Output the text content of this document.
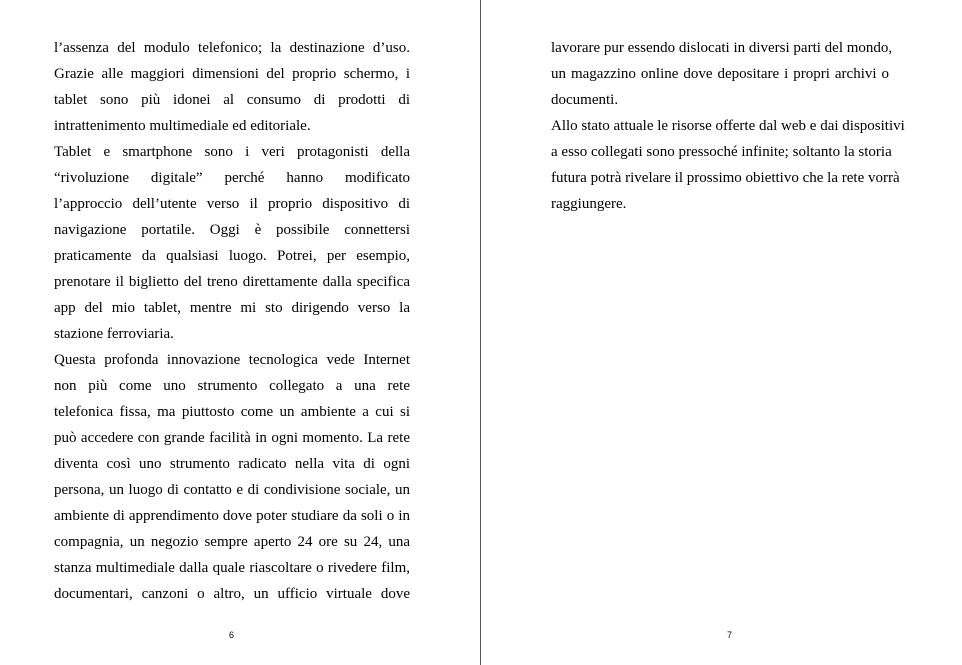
l’assenza del modulo telefonico; la destinazione d’uso.
Grazie alle maggiori dimensioni del proprio schermo, i
tablet sono più idonei al consumo di prodotti di
intrattenimento multimediale ed editoriale.
Tablet e smartphone sono i veri protagonisti della
“rivoluzione digitale” perché hanno modificato
l’approccio dell’utente verso il proprio dispositivo di
navigazione portatile. Oggi è possibile connettersi
praticamente da qualsiasi luogo. Potrei, per esempio,
prenotare il biglietto del treno direttamente dalla specifica
app del mio tablet, mentre mi sto dirigendo verso la
stazione ferroviaria.
Questa profonda innovazione tecnologica vede Internet
non più come uno strumento collegato a una rete
telefonica fissa, ma piuttosto come un ambiente a cui si
può accedere con grande facilità in ogni momento. La rete
diventa così uno strumento radicato nella vita di ogni
persona, un luogo di contatto e di condivisione sociale, un
ambiente di apprendimento dove poter studiare da soli o in
compagnia, un negozio sempre aperto 24 ore su 24, una
stanza multimediale dalla quale riascoltare o rivedere film,
documentari, canzoni o altro, un ufficio virtuale dove
6
lavorare pur essendo dislocati in diversi parti del mondo,
un magazzino online dove depositare i propri archivi o
documenti.
Allo stato attuale le risorse offerte dal web e dai dispositivi
a esso collegati sono pressoché infinite; soltanto la storia
futura potrà rivelare il prossimo obiettivo che la rete vorrà
raggiungere.
7
